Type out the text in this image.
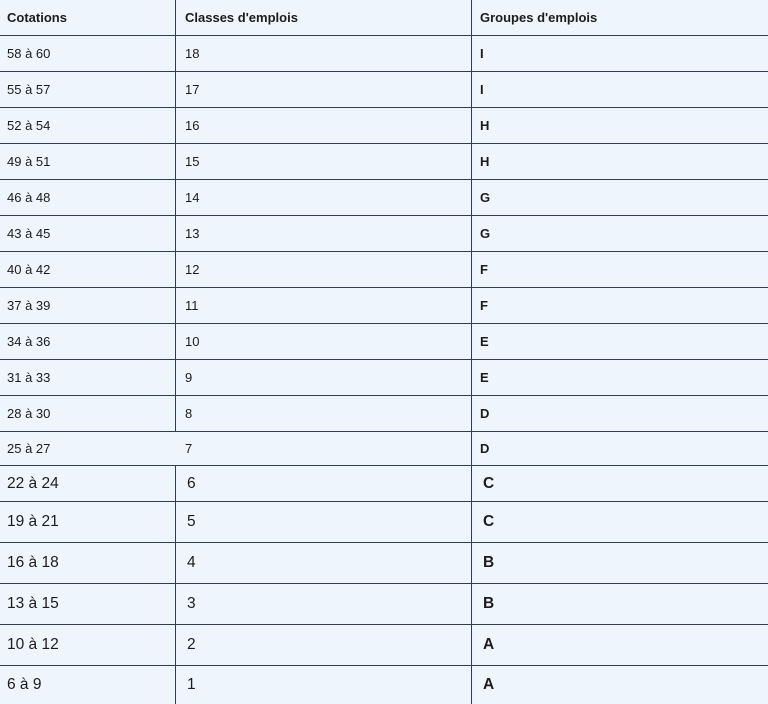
Cotations	Classes d'emplois	Groupes d'emplois
58 à 60	18	I
55 à 57	17	I
52 à 54	16	H
49 à 51	15	H
46 à 48	14	G
43 à 45	13	G
40 à 42	12	F
37 à 39	11	F
34 à 36	10	E
31 à 33	9	E
28 à 30	8	D
25 à 27	7	D
22 à 24	6	C
19 à 21	5	C
16 à 18	4	B
13 à 15	3	B
10 à 12	2	A
6 à 9	1	A
